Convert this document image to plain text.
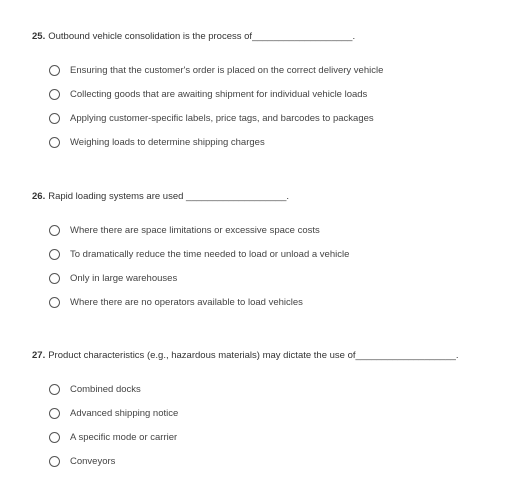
25. Outbound vehicle consolidation is the process of___________________.

Ensuring that the customer's order is placed on the correct delivery vehicle
Collecting goods that are awaiting shipment for individual vehicle loads
Applying customer-specific labels, price tags, and barcodes to packages
Weighing loads to determine shipping charges

26. Rapid loading systems are used ___________________.

Where there are space limitations or excessive space costs
To dramatically reduce the time needed to load or unload a vehicle
Only in large warehouses
Where there are no operators available to load vehicles

27. Product characteristics (e.g., hazardous materials) may dictate the use of___________________.

Combined docks
Advanced shipping notice
A specific mode or carrier
Conveyors
